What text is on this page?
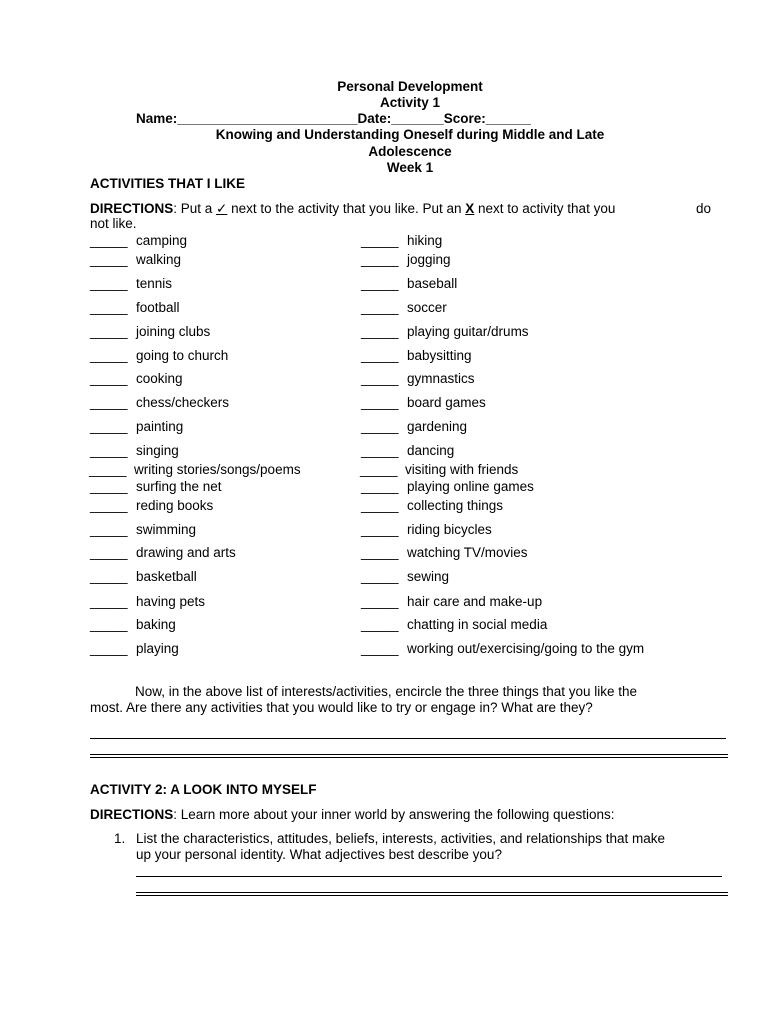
Personal Development
Activity 1
Name:________________________Date:_______Score:______
Knowing and Understanding Oneself during Middle and Late
Adolescence
Week 1
ACTIVITIES THAT I LIKE
DIRECTIONS: Put a ✓ next to the activity that you like. Put an X next to activity that you	do
not like.
_____ camping
_____ walking
_____ tennis
_____ football
_____ joining clubs
_____ going to church
_____ cooking
_____ chess/checkers
_____ painting
_____ singing
_____ writing stories/songs/poems
_____ surfing the net
_____ reding books
_____ swimming
_____ drawing and arts
_____ basketball
_____ having pets
_____ baking
_____ playing
_____ hiking
_____ jogging
_____ baseball
_____ soccer
_____ playing guitar/drums
_____ babysitting
_____ gymnastics
_____ board games
_____ gardening
_____ dancing
_____ visiting with friends
_____ playing online games
_____ collecting things
_____ riding bicycles
_____ watching TV/movies
_____ sewing
_____ hair care and make-up
_____ chatting in social media
_____ working out/exercising/going to the gym
Now, in the above list of interests/activities, encircle the three things that you like the
most. Are there any activities that you would like to try or engage in? What are they?
ACTIVITY 2: A LOOK INTO MYSELF
DIRECTIONS: Learn more about your inner world by answering the following questions:
1. List the characteristics, attitudes, beliefs, interests, activities, and relationships that make
up your personal identity. What adjectives best describe you?
